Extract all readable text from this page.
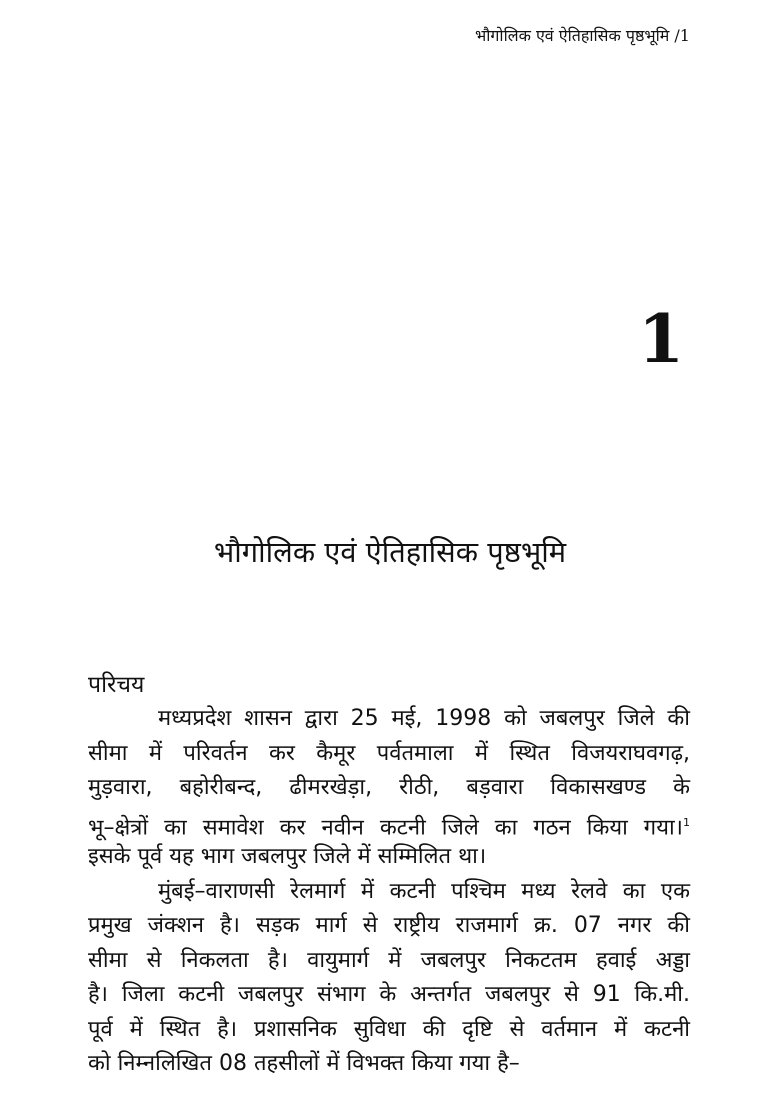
भौगोलिक एवं ऐतिहासिक पृष्ठभूमि /1
1
भौगोलिक एवं ऐतिहासिक पृष्ठभूमि
परिचय
मध्यप्रदेश शासन द्वारा 25 मई, 1998 को जबलपुर जिले की
सीमा में परिवर्तन कर कैमूर पर्वतमाला में स्थित विजयराघवगढ़,
मुड़वारा, बहोरीबन्द, ढीमरखेड़ा, रीठी, बड़वारा विकासखण्ड के
भू–क्षेत्रों का समावेश कर नवीन कटनी जिले का गठन किया गया।$^1$
इसके पूर्व यह भाग जबलपुर जिले में सम्मिलित था।
मुंबई–वाराणसी रेलमार्ग में कटनी पश्चिम मध्य रेलवे का एक
प्रमुख जंक्शन है। सड़क मार्ग से राष्ट्रीय राजमार्ग क्र. 07 नगर की
सीमा से निकलता है। वायुमार्ग में जबलपुर निकटतम हवाई अड्डा
है। जिला कटनी जबलपुर संभाग के अन्तर्गत जबलपुर से 91 कि.मी.
पूर्व में स्थित है। प्रशासनिक सुविधा की दृष्टि से वर्तमान में कटनी
को निम्नलिखित 08 तहसीलों में विभक्त किया गया है–
